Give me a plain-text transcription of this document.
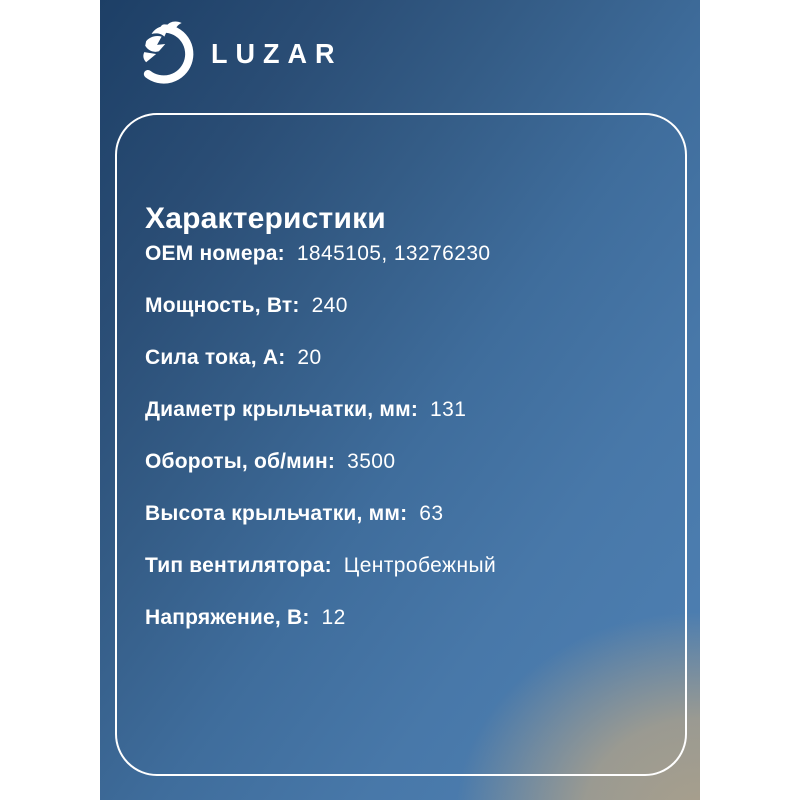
LUZAR
Характеристики
OEM номера: 1845105, 13276230
Мощность, Вт: 240
Сила тока, А: 20
Диаметр крыльчатки, мм: 131
Обороты, об/мин: 3500
Высота крыльчатки, мм: 63
Тип вентилятора: Центробежный
Напряжение, В: 12
